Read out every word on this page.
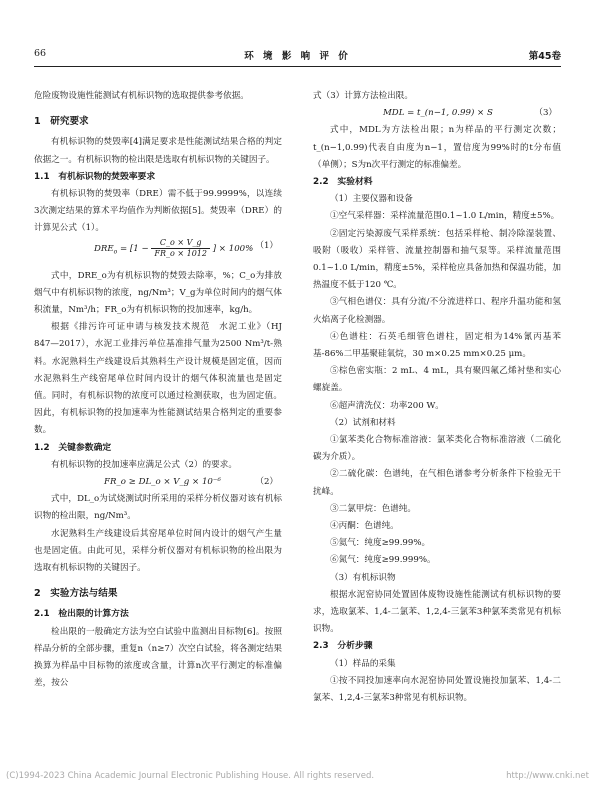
66	环 境 影 响 评 价	第45卷

危险废物设施性能测试有机标识物的选取提供参考依据。

1　研究要求

有机标识物的焚毁率[4]满足要求是性能测试结果合格的判定依据之一。有机标识物的检出限是选取有机标识物的关键因子。

1.1　有机标识物的焚毁率要求

有机标识物的焚毁率（DRE）需不低于99.9999%，以连续3次测定结果的算术平均值作为判断依据[5]。焚毁率（DRE）的计算见公式（1）。

$DRE_o = [1 - \frac{C\_o \times V\_g}{FR\_o \times 1012}$ ] × 100% （1）

式中，DRE_o为有机标识物的焚毁去除率，%；C_o为排放烟气中有机标识物的浓度，ng/Nm³；V_g为单位时间内的烟气体积流量，Nm³/h；FR_o为有机标识物的投加速率，kg/h。

根据《排污许可证申请与核发技术规范　水泥工业》（HJ 847—2017），水泥工业排污单位基准排气量为2500 Nm³/t-熟料。水泥熟料生产线建设后其熟料生产设计规模是固定值，因而水泥熟料生产线窑尾单位时间内设计的烟气体积流量也是固定值。同时，有机标识物的浓度可以通过检测获取，也为固定值。因此，有机标识物的投加速率为性能测试结果合格判定的重要参数。

1.2　关键参数确定

有机标识物的投加速率应满足公式（2）的要求。

FR_o ≥ DL_o × V_g × 10⁻⁶	（2）

式中，DL_o为试烧测试时所采用的采样分析仪器对该有机标识物的检出限，ng/Nm³。

水泥熟料生产线建设后其窑尾单位时间内设计的烟气产生量也是固定值。由此可见，采样分析仪器对有机标识物的检出限为选取有机标识物的关键因子。

2　实验方法与结果
2.1　检出限的计算方法

检出限的一般确定方法为空白试验中监测出目标物[6]。按照样品分析的全部步骤，重复n（n≥7）次空白试验，将各测定结果换算为样品中目标物的浓度或含量，计算n次平行测定的标准偏差，按公

式（3）计算方法检出限。

MDL = t_(n−1, 0.99) × S	（3）

式中，MDL为方法检出限；n为样品的平行测定次数；t_(n−1,0.99)代表自由度为n−1，置信度为99%时的t分布值（单侧）；S为n次平行测定的标准偏差。

2.2　实验材料

（1）主要仪器和设备

①空气采样器：采样流量范围0.1~1.0 L/min，精度±5%。

②固定污染源废气采样系统：包括采样枪、制冷除湿装置、吸附（吸收）采样管、流量控制器和抽气泵等。采样流量范围0.1~1.0 L/min，精度±5%，采样枪应具备加热和保温功能，加热温度不低于120 ℃。

③气相色谱仪：具有分流/不分流进样口、程序升温功能和氢火焰离子化检测器。

④色谱柱：石英毛细管色谱柱，固定相为14%氰丙基苯基-86%二甲基聚硅氧烷，30 m×0.25 mm×0.25 μm。

⑤棕色密实瓶：2 mL、4 mL，具有聚四氟乙烯衬垫和实心螺旋盖。

⑥超声清洗仪：功率200 W。

（2）试剂和材料

①氯苯类化合物标准溶液：氯苯类化合物标准溶液（二硫化碳为介质）。

②二硫化碳：色谱纯，在气相色谱参考分析条件下检验无干扰峰。

③二氯甲烷：色谱纯。

④丙酮：色谱纯。

⑤氦气：纯度≥99.99%。

⑥氮气：纯度≥99.999%。

（3）有机标识物

根据水泥窑协同处置固体废物设施性能测试有机标识物的要求，选取氯苯、1,4-二氯苯、1,2,4-三氯苯3种氯苯类常见有机标识物。

2.3　分析步骤

（1）样品的采集

①按不同投加速率向水泥窑协同处置设施投加氯苯、1,4-二氯苯、1,2,4-三氯苯3种常见有机标识物。

(C)1994-2023 China Academic Journal Electronic Publishing House. All rights reserved.	http://www.cnki.net
